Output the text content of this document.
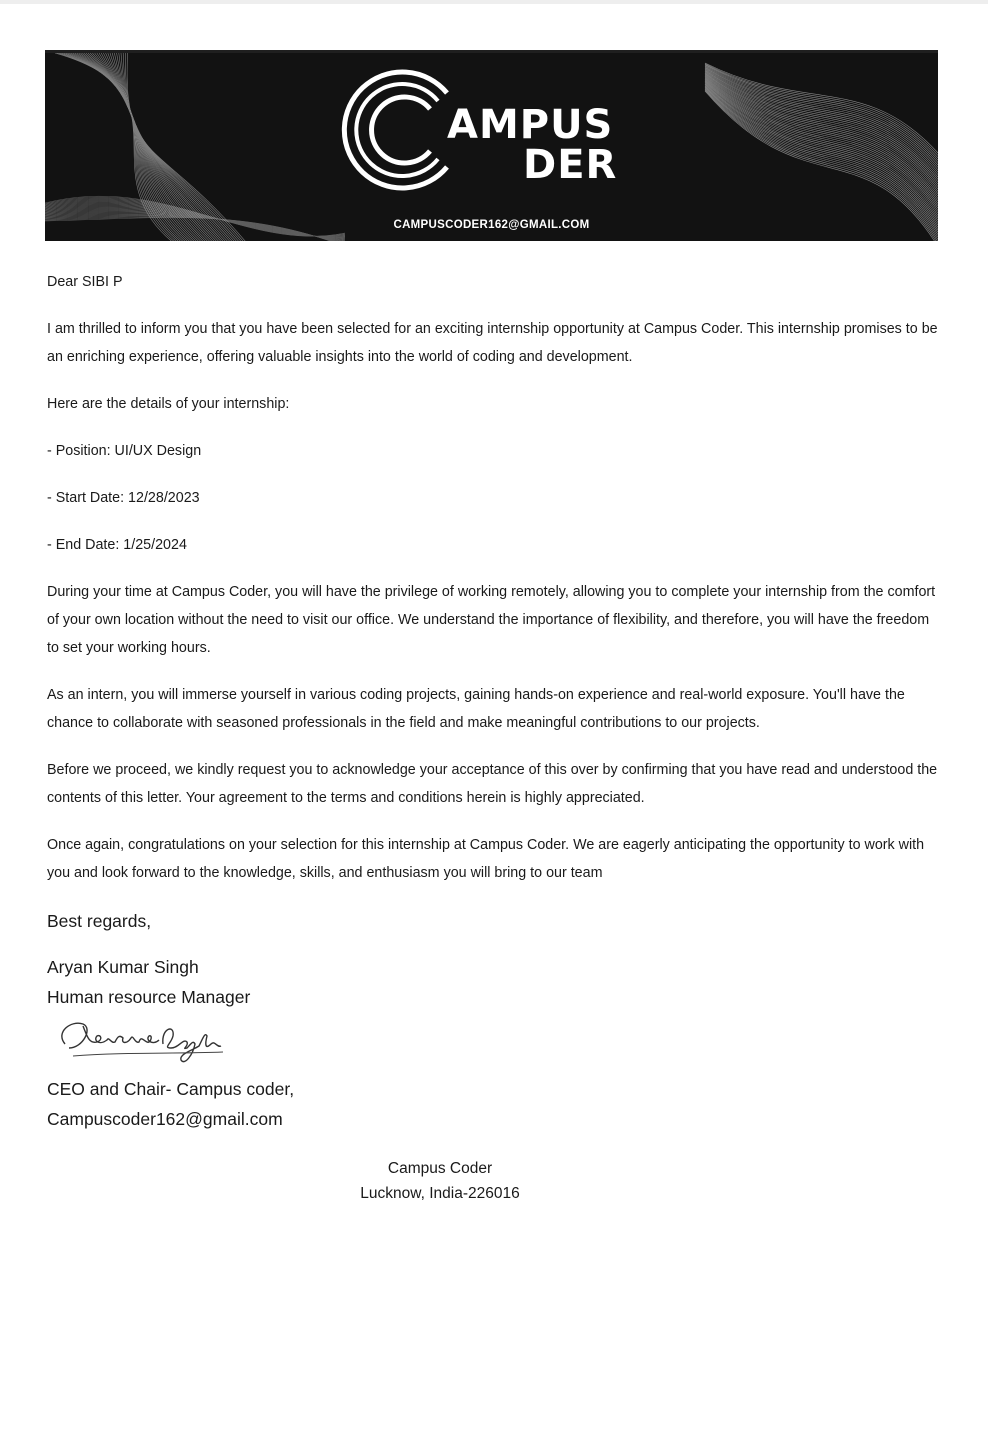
AMPUS
DER
CAMPUSCODER162@GMAIL.COM

Dear SIBI P

I am thrilled to inform you that you have been selected for an exciting internship opportunity at Campus Coder. This internship promises to be an enriching experience, offering valuable insights into the world of coding and development.

Here are the details of your internship:

- Position: UI/UX Design

- Start Date: 12/28/2023

- End Date: 1/25/2024

During your time at Campus Coder, you will have the privilege of working remotely, allowing you to complete your internship from the comfort of your own location without the need to visit our office. We understand the importance of flexibility, and therefore, you will have the freedom to set your working hours.

As an intern, you will immerse yourself in various coding projects, gaining hands-on experience and real-world exposure. You'll have the chance to collaborate with seasoned professionals in the field and make meaningful contributions to our projects.

Before we proceed, we kindly request you to acknowledge your acceptance of this over by confirming that you have read and understood the contents of this letter. Your agreement to the terms and conditions herein is highly appreciated.

Once again, congratulations on your selection for this internship at Campus Coder. We are eagerly anticipating the opportunity to work with you and look forward to the knowledge, skills, and enthusiasm you will bring to our team

Best regards,

Aryan Kumar Singh

Human resource Manager

CEO and Chair- Campus coder,

Campuscoder162@gmail.com

Campus Coder
Lucknow, India-226016
